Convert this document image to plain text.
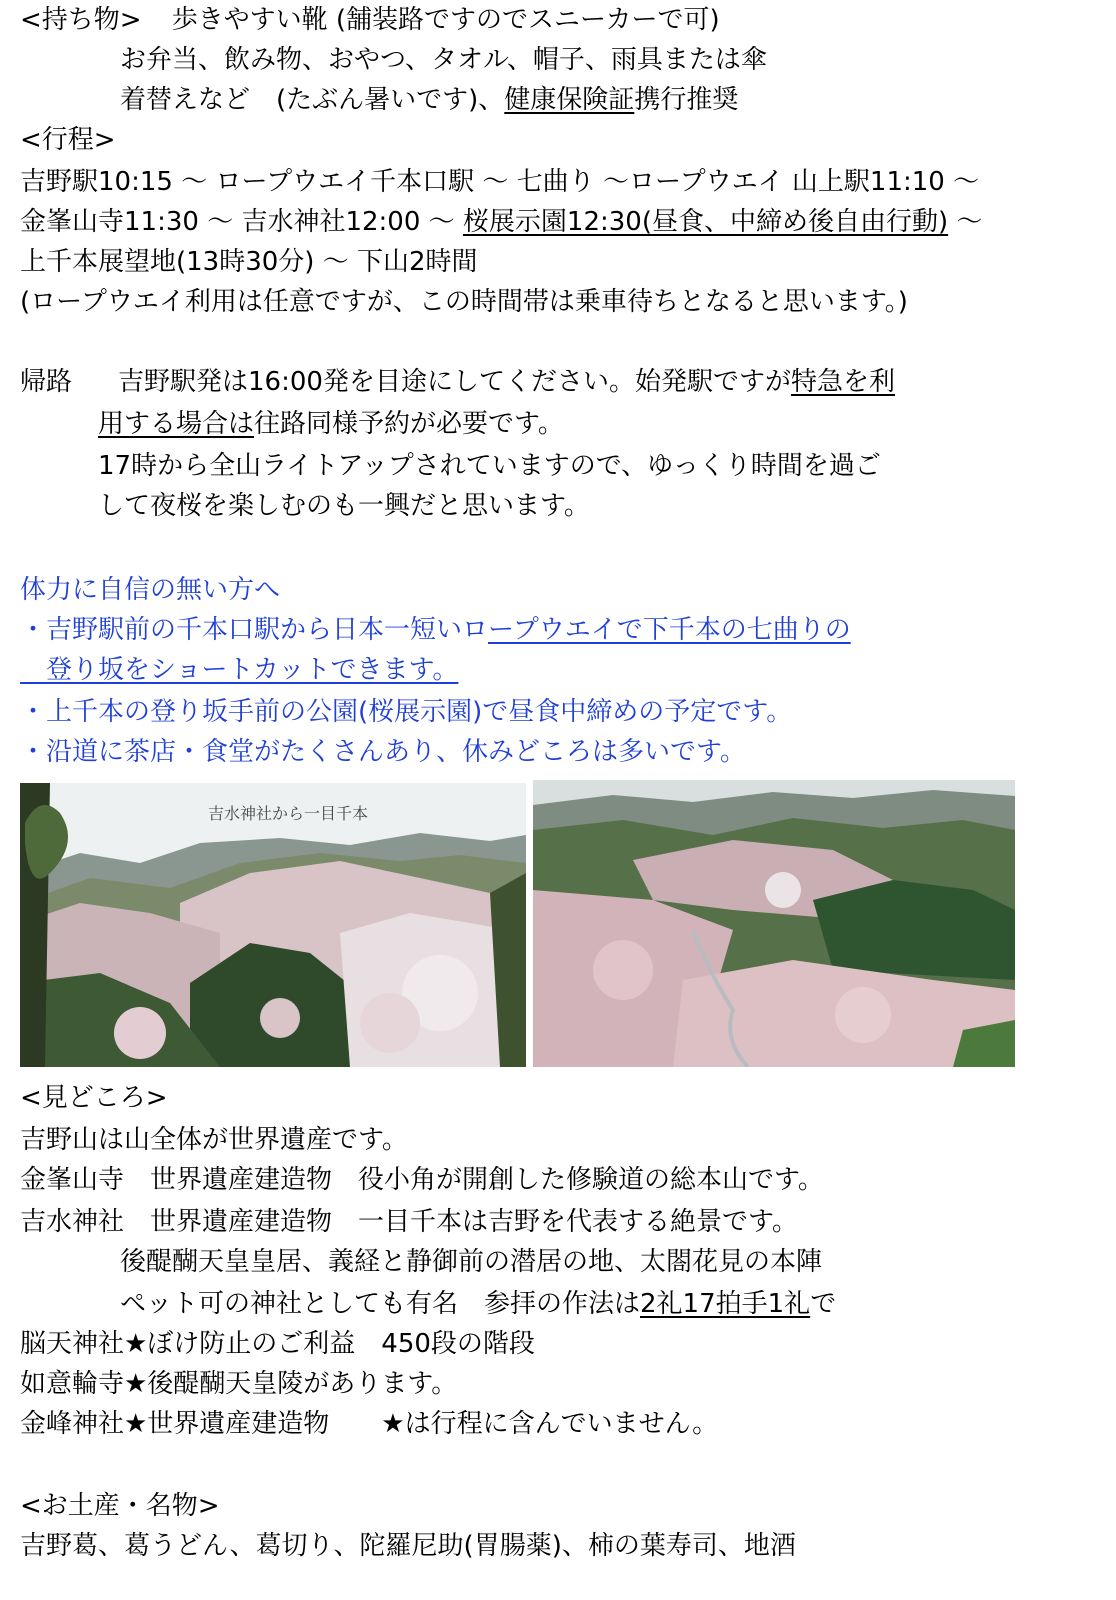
<持ち物> 歩きやすい靴 (舗装路ですのでスニーカーで可)
お弁当、飲み物、おやつ、タオル、帽子、雨具または傘
着替えなど　(たぶん暑いです)、健康保険証携行推奨
<行程>
吉野駅10:15 〜 ロープウエイ千本口駅 〜 七曲り 〜ロープウエイ 山上駅11:10 〜
金峯山寺11:30 〜 吉水神社12:00 〜 桜展示園12:30(昼食、中締め後自由行動) 〜
上千本展望地(13時30分) 〜 下山2時間
(ロープウエイ利用は任意ですが、この時間帯は乗車待ちとなると思います。)
帰路 吉野駅発は16:00発を目途にしてください。始発駅ですが特急を利
用する場合は往路同様予約が必要です。
17時から全山ライトアップされていますので、ゆっくり時間を過ご
して夜桜を楽しむのも一興だと思います。
体力に自信の無い方へ
・吉野駅前の千本口駅から日本一短いロープウエイで下千本の七曲りの
　登り坂をショートカットできます。
・上千本の登り坂手前の公園(桜展示園)で昼食中締めの予定です。
・沿道に茶店・食堂がたくさんあり、休みどころは多いです。
吉水神社から一目千本
<見どころ>
吉野山は山全体が世界遺産です。
金峯山寺　世界遺産建造物　役小角が開創した修験道の総本山です。
吉水神社　世界遺産建造物　一目千本は吉野を代表する絶景です。
後醍醐天皇皇居、義経と静御前の潜居の地、太閤花見の本陣
ペット可の神社としても有名　参拝の作法は2礼17拍手1礼で
脳天神社★ぼけ防止のご利益　450段の階段
如意輪寺★後醍醐天皇陵があります。
金峰神社★世界遺産建造物　　★は行程に含んでいません。
<お土産・名物>
吉野葛、葛うどん、葛切り、陀羅尼助(胃腸薬)、柿の葉寿司、地酒
